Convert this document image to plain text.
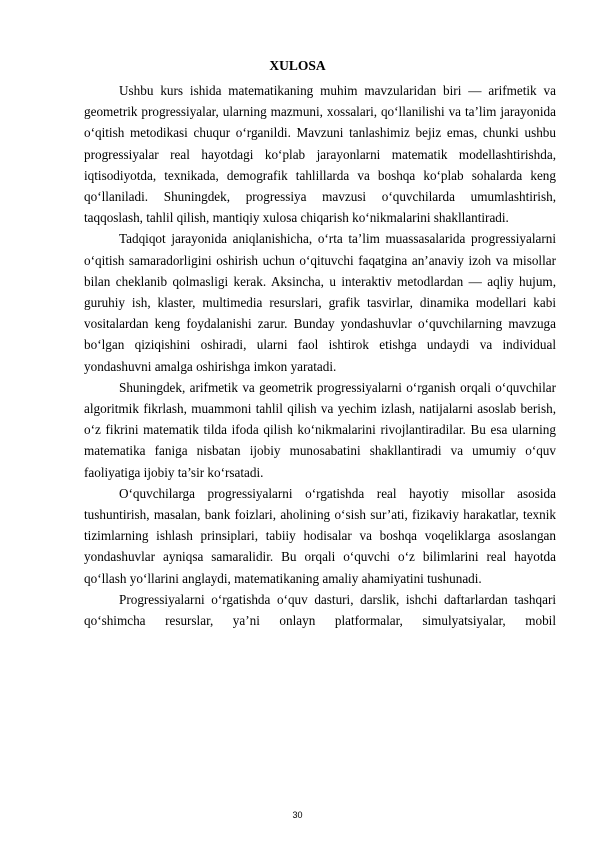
XULOSA

Ushbu kurs ishida matematikaning muhim mavzularidan biri — arifmetik va geometrik progressiyalar, ularning mazmuni, xossalari, qo‘llanilishi va ta’lim jarayonida o‘qitish metodikasi chuqur o‘rganildi. Mavzuni tanlashimiz bejiz emas, chunki ushbu progressiyalar real hayotdagi ko‘plab jarayonlarni matematik modellashtirishda, iqtisodiyotda, texnikada, demografik tahlillarda va boshqa ko‘plab sohalarda keng qo‘llaniladi. Shuningdek, progressiya mavzusi o‘quvchilarda umumlashtirish, taqqoslash, tahlil qilish, mantiqiy xulosa chiqarish ko‘nikmalarini shakllantiradi.

Tadqiqot jarayonida aniqlanishicha, o‘rta ta’lim muassasalarida progressiyalarni o‘qitish samaradorligini oshirish uchun o‘qituvchi faqatgina an’anaviy izoh va misollar bilan cheklanib qolmasligi kerak. Aksincha, u interaktiv metodlardan — aqliy hujum, guruhiy ish, klaster, multimedia resurslari, grafik tasvirlar, dinamika modellari kabi vositalardan keng foydalanishi zarur. Bunday yondashuvlar o‘quvchilarning mavzuga bo‘lgan qiziqishini oshiradi, ularni faol ishtirok etishga undaydi va individual yondashuvni amalga oshirishga imkon yaratadi.

Shuningdek, arifmetik va geometrik progressiyalarni o‘rganish orqali o‘quvchilar algoritmik fikrlash, muammoni tahlil qilish va yechim izlash, natijalarni asoslab berish, o‘z fikrini matematik tilda ifoda qilish ko‘nikmalarini rivojlantiradilar. Bu esa ularning matematika faniga nisbatan ijobiy munosabatini shakllantiradi va umumiy o‘quv faoliyatiga ijobiy ta’sir ko‘rsatadi.

O‘quvchilarga progressiyalarni o‘rgatishda real hayotiy misollar asosida tushuntirish, masalan, bank foizlari, aholining o‘sish sur’ati, fizikaviy harakatlar, texnik tizimlarning ishlash prinsiplari, tabiiy hodisalar va boshqa voqeliklarga asoslangan yondashuvlar ayniqsa samaralidir. Bu orqali o‘quvchi o‘z bilimlarini real hayotda qo‘llash yo‘llarini anglaydi, matematikaning amaliy ahamiyatini tushunadi.

Progressiyalarni o‘rgatishda o‘quv dasturi, darslik, ishchi daftarlardan tashqari qo‘shimcha resurslar, ya’ni onlayn platformalar, simulyatsiyalar, mobil

30
